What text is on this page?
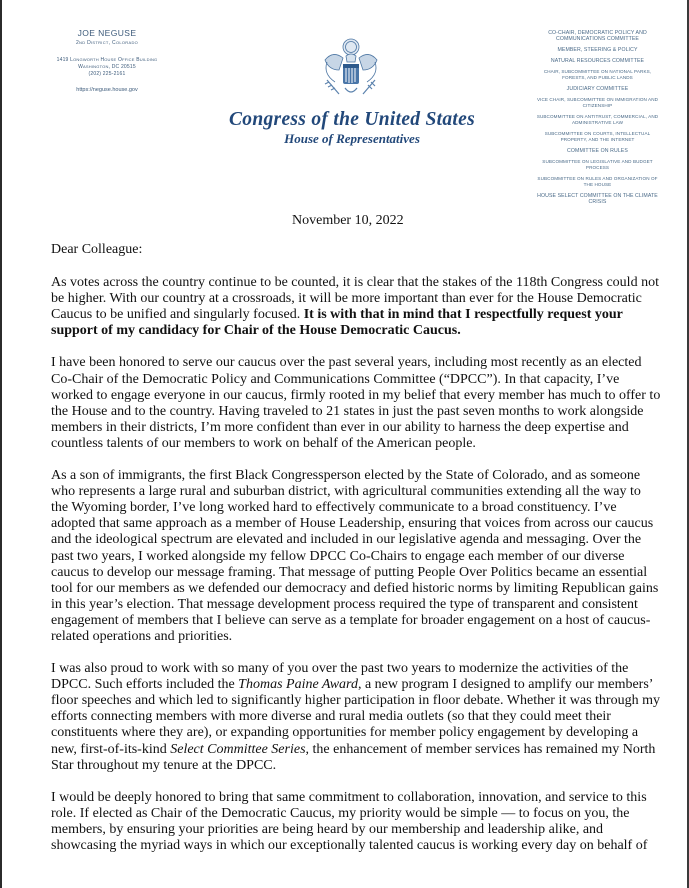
JOE NEGUSE
2nd District, Colorado
1419 Longworth House Office Building
Washington, DC 20515
(202) 225-2161
https://neguse.house.gov
Congress of the United States
House of Representatives
CO-CHAIR, DEMOCRATIC POLICY AND COMMUNICATIONS COMMITTEE
MEMBER, STEERING & POLICY
NATURAL RESOURCES COMMITTEE
CHAIR, SUBCOMMITTEE ON NATIONAL PARKS, FORESTS, AND PUBLIC LANDS
JUDICIARY COMMITTEE
VICE CHAIR, SUBCOMMITTEE ON IMMIGRATION AND CITIZENSHIP
SUBCOMMITTEE ON ANTITRUST, COMMERCIAL, AND ADMINISTRATIVE LAW
SUBCOMMITTEE ON COURTS, INTELLECTUAL PROPERTY, AND THE INTERNET
COMMITTEE ON RULES
SUBCOMMITTEE ON LEGISLATIVE AND BUDGET PROCESS
SUBCOMMITTEE ON RULES AND ORGANIZATION OF THE HOUSE
HOUSE SELECT COMMITTEE ON THE CLIMATE CRISIS
November 10, 2022

Dear Colleague:

As votes across the country continue to be counted, it is clear that the stakes of the 118th Congress could not be higher. With our country at a crossroads, it will be more important than ever for the House Democratic Caucus to be unified and singularly focused. It is with that in mind that I respectfully request your support of my candidacy for Chair of the House Democratic Caucus.

I have been honored to serve our caucus over the past several years, including most recently as an elected Co-Chair of the Democratic Policy and Communications Committee (“DPCC”). In that capacity, I’ve worked to engage everyone in our caucus, firmly rooted in my belief that every member has much to offer to the House and to the country. Having traveled to 21 states in just the past seven months to work alongside members in their districts, I’m more confident than ever in our ability to harness the deep expertise and countless talents of our members to work on behalf of the American people.

As a son of immigrants, the first Black Congressperson elected by the State of Colorado, and as someone who represents a large rural and suburban district, with agricultural communities extending all the way to the Wyoming border, I’ve long worked hard to effectively communicate to a broad constituency. I’ve adopted that same approach as a member of House Leadership, ensuring that voices from across our caucus and the ideological spectrum are elevated and included in our legislative agenda and messaging. Over the past two years, I worked alongside my fellow DPCC Co-Chairs to engage each member of our diverse caucus to develop our message framing. That message of putting People Over Politics became an essential tool for our members as we defended our democracy and defied historic norms by limiting Republican gains in this year’s election. That message development process required the type of transparent and consistent engagement of members that I believe can serve as a template for broader engagement on a host of caucus-related operations and priorities.

I was also proud to work with so many of you over the past two years to modernize the activities of the DPCC. Such efforts included the Thomas Paine Award, a new program I designed to amplify our members’ floor speeches and which led to significantly higher participation in floor debate. Whether it was through my efforts connecting members with more diverse and rural media outlets (so that they could meet their constituents where they are), or expanding opportunities for member policy engagement by developing a new, first-of-its-kind Select Committee Series, the enhancement of member services has remained my North Star throughout my tenure at the DPCC.

I would be deeply honored to bring that same commitment to collaboration, innovation, and service to this role. If elected as Chair of the Democratic Caucus, my priority would be simple — to focus on you, the members, by ensuring your priorities are being heard by our membership and leadership alike, and showcasing the myriad ways in which our exceptionally talented caucus is working every day on behalf of
